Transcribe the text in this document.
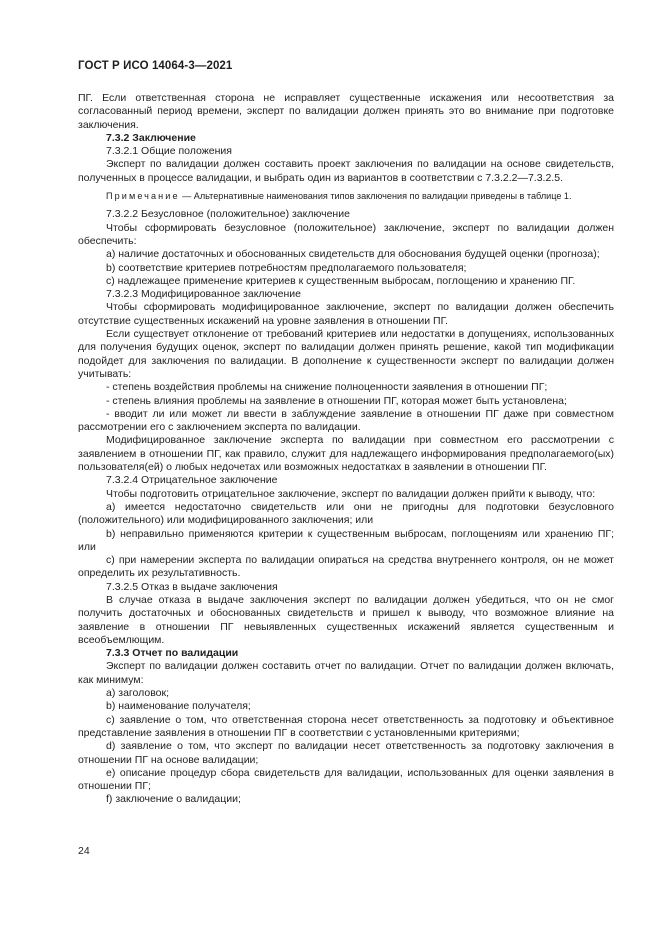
ГОСТ Р ИСО 14064-3—2021

ПГ. Если ответственная сторона не исправляет существенные искажения или несоответствия за согласованный период времени, эксперт по валидации должен принять это во внимание при подготовке заключения.

7.3.2 Заключение

7.3.2.1 Общие положения

Эксперт по валидации должен составить проект заключения по валидации на основе свидетельств, полученных в процессе валидации, и выбрать один из вариантов в соответствии с 7.3.2.2—7.3.2.5.

Примечание — Альтернативные наименования типов заключения по валидации приведены в таблице 1.

7.3.2.2 Безусловное (положительное) заключение

Чтобы сформировать безусловное (положительное) заключение, эксперт по валидации должен обеспечить:

a) наличие достаточных и обоснованных свидетельств для обоснования будущей оценки (прогноза);

b) соответствие критериев потребностям предполагаемого пользователя;

c) надлежащее применение критериев к существенным выбросам, поглощению и хранению ПГ.

7.3.2.3 Модифицированное заключение

Чтобы сформировать модифицированное заключение, эксперт по валидации должен обеспечить отсутствие существенных искажений на уровне заявления в отношении ПГ.

Если существует отклонение от требований критериев или недостатки в допущениях, использованных для получения будущих оценок, эксперт по валидации должен принять решение, какой тип модификации подойдет для заключения по валидации. В дополнение к существенности эксперт по валидации должен учитывать:

- степень воздействия проблемы на снижение полноценности заявления в отношении ПГ;

- степень влияния проблемы на заявление в отношении ПГ, которая может быть установлена;

- вводит ли или может ли ввести в заблуждение заявление в отношении ПГ даже при совместном рассмотрении его с заключением эксперта по валидации.

Модифицированное заключение эксперта по валидации при совместном его рассмотрении с заявлением в отношении ПГ, как правило, служит для надлежащего информирования предполагаемого(ых) пользователя(ей) о любых недочетах или возможных недостатках в заявлении в отношении ПГ.

7.3.2.4 Отрицательное заключение

Чтобы подготовить отрицательное заключение, эксперт по валидации должен прийти к выводу, что:

a) имеется недостаточно свидетельств или они не пригодны для подготовки безусловного (положительного) или модифицированного заключения; или

b) неправильно применяются критерии к существенным выбросам, поглощениям или хранению ПГ; или

c) при намерении эксперта по валидации опираться на средства внутреннего контроля, он не может определить их результативность.

7.3.2.5 Отказ в выдаче заключения

В случае отказа в выдаче заключения эксперт по валидации должен убедиться, что он не смог получить достаточных и обоснованных свидетельств и пришел к выводу, что возможное влияние на заявление в отношении ПГ невыявленных существенных искажений является существенным и всеобъемлющим.

7.3.3 Отчет по валидации

Эксперт по валидации должен составить отчет по валидации. Отчет по валидации должен включать, как минимум:

a) заголовок;

b) наименование получателя;

c) заявление о том, что ответственная сторона несет ответственность за подготовку и объективное представление заявления в отношении ПГ в соответствии с установленными критериями;

d) заявление о том, что эксперт по валидации несет ответственность за подготовку заключения в отношении ПГ на основе валидации;

e) описание процедур сбора свидетельств для валидации, использованных для оценки заявления в отношении ПГ;

f) заключение о валидации;

24
